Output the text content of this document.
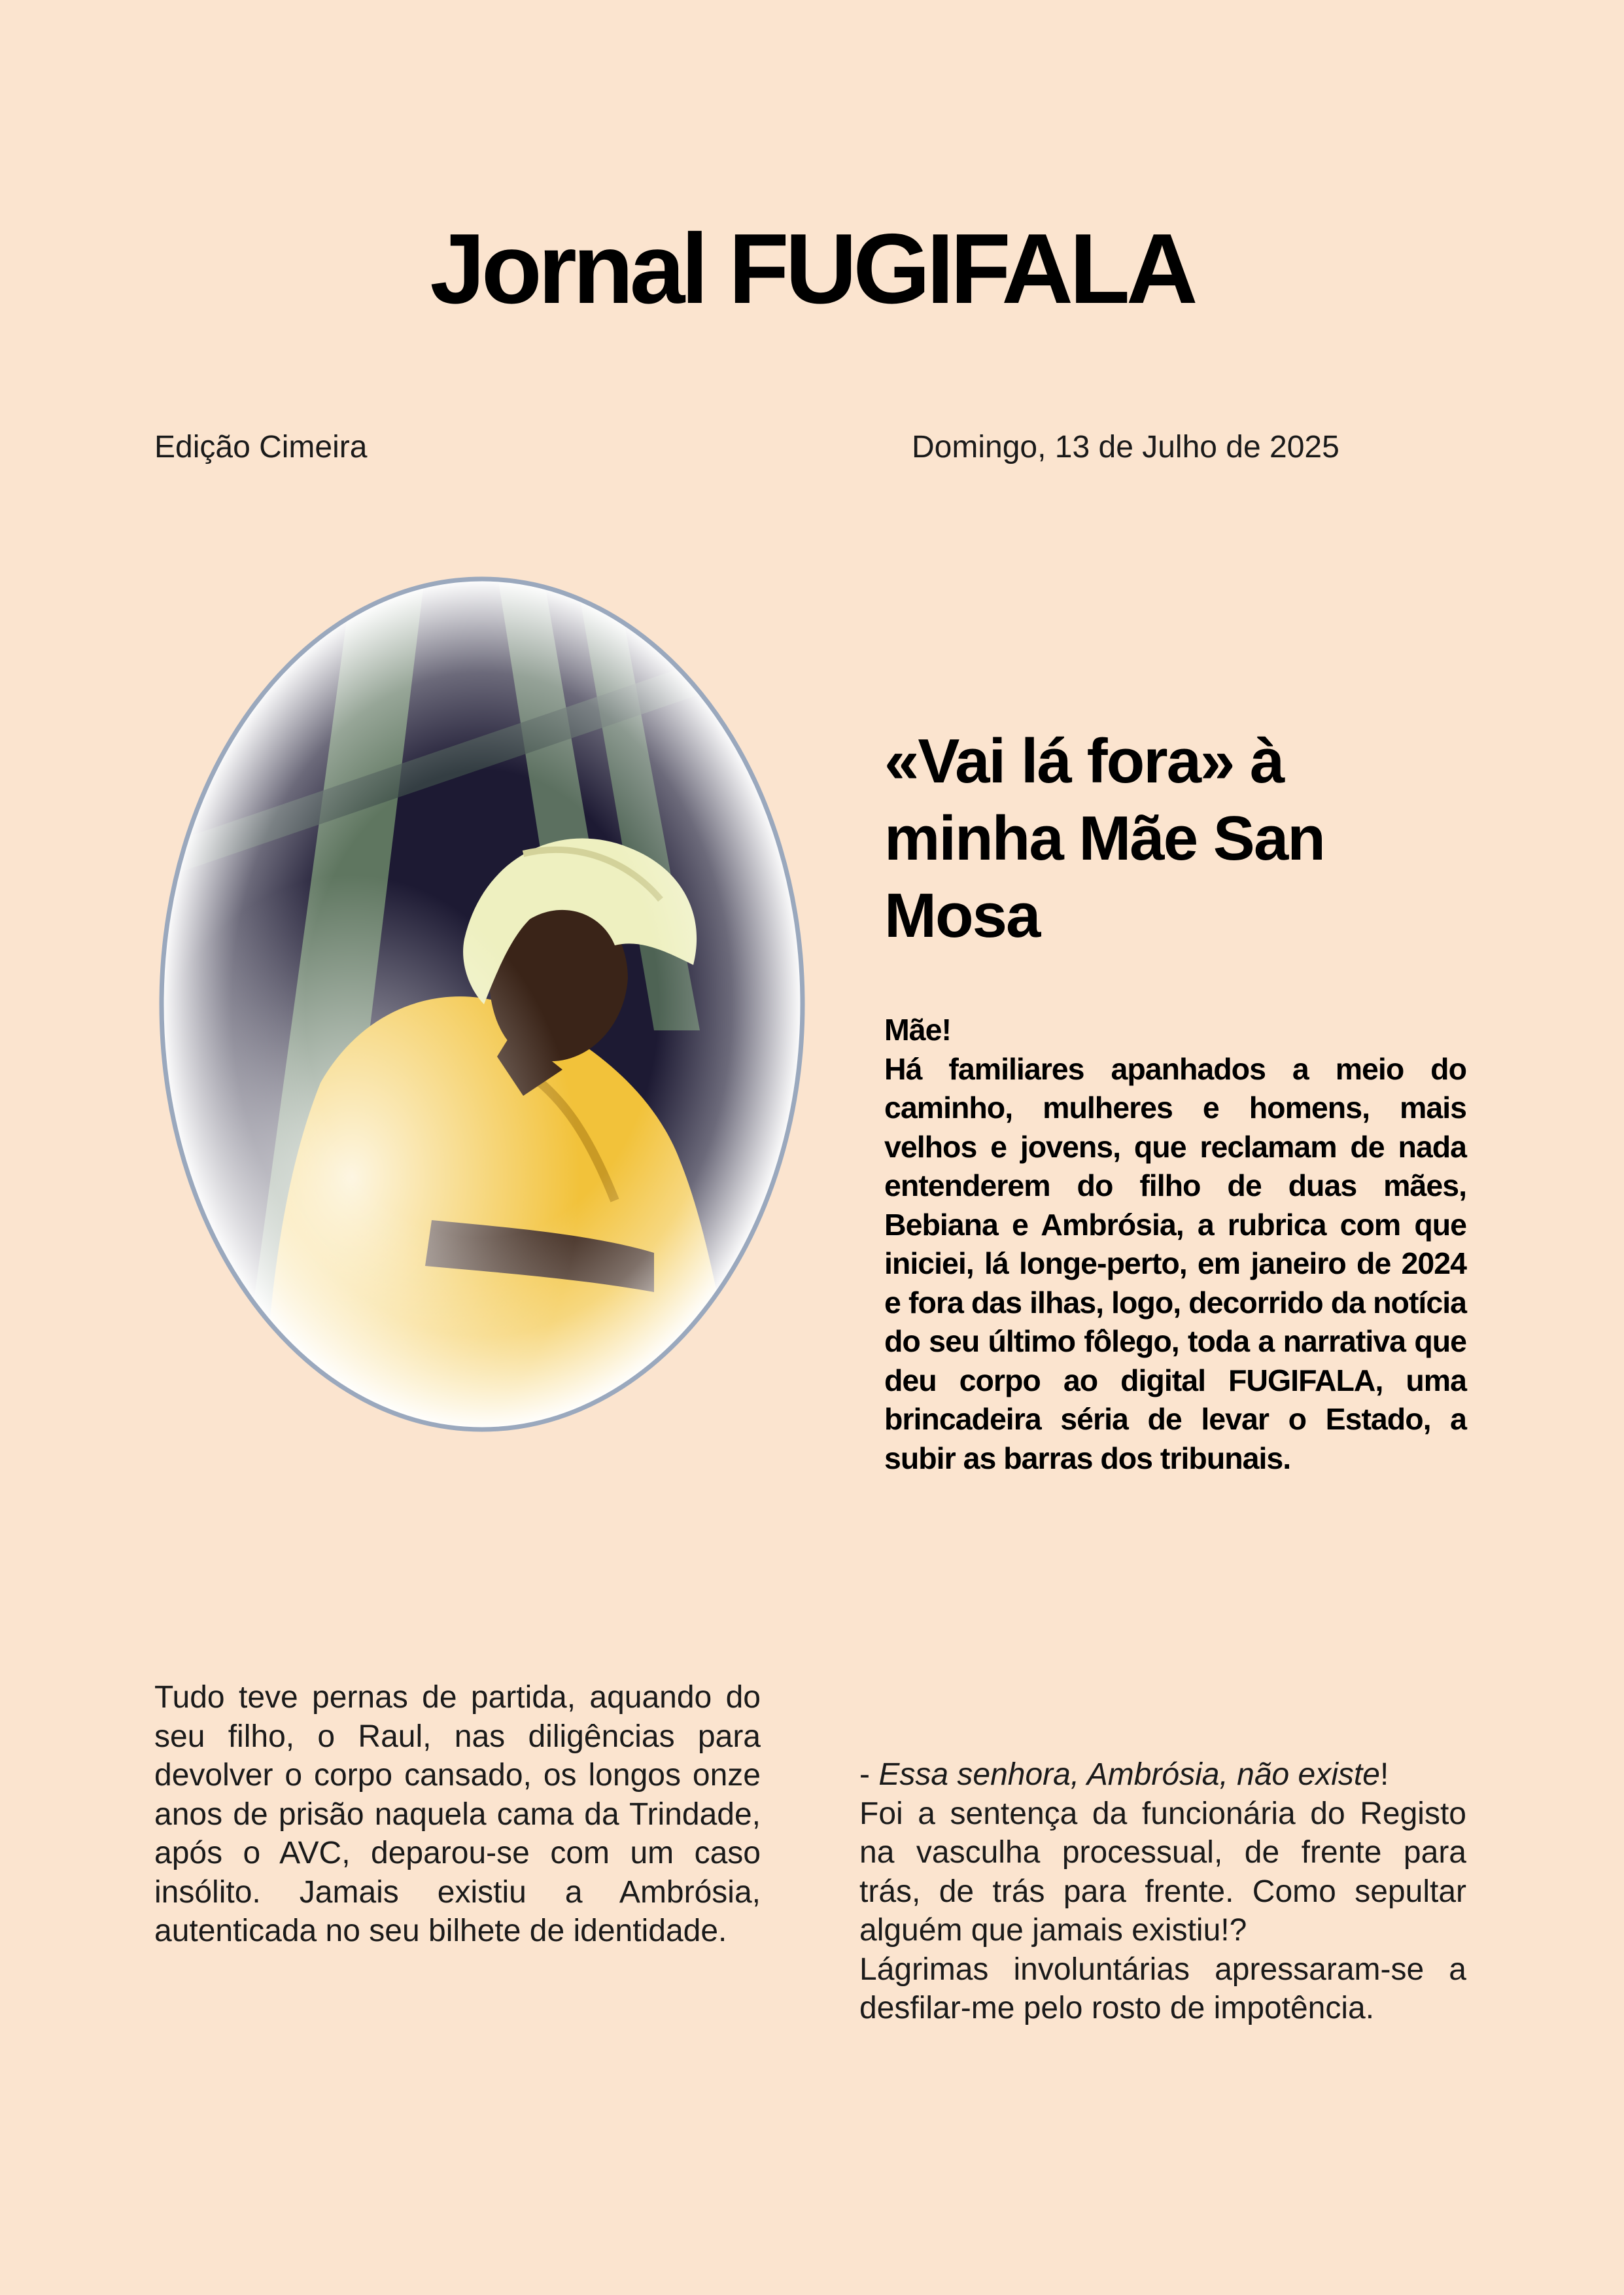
Jornal FUGIFALA
Edição Cimeira	Domingo, 13 de Julho de 2025
«Vai lá fora» à minha Mãe San Mosa

Mãe!

Há familiares apanhados a meio do caminho, mulheres e homens, mais velhos e jovens, que reclamam de nada entenderem do filho de duas mães, Bebiana e Ambrósia, a rubrica com que iniciei, lá longe-perto, em janeiro de 2024 e fora das ilhas, logo, decorrido da notícia do seu último fôlego, toda a narrativa que deu corpo ao digital FUGIFALA, uma brincadeira séria de levar o Estado, a subir as barras dos tribunais.

Tudo teve pernas de partida, aquando do seu filho, o Raul, nas diligências para devolver o corpo cansado, os longos onze anos de prisão naquela cama da Trindade, após o AVC, deparou-se com um caso insólito. Jamais existiu a Ambrósia, autenticada no seu bilhete de identidade.

- Essa senhora, Ambrósia, não existe!

Foi a sentença da funcionária do Registo na vasculha processual, de frente para trás, de trás para frente. Como sepultar alguém que jamais existiu!?

Lágrimas involuntárias apressaram-se a desfilar-me pelo rosto de impotência.
